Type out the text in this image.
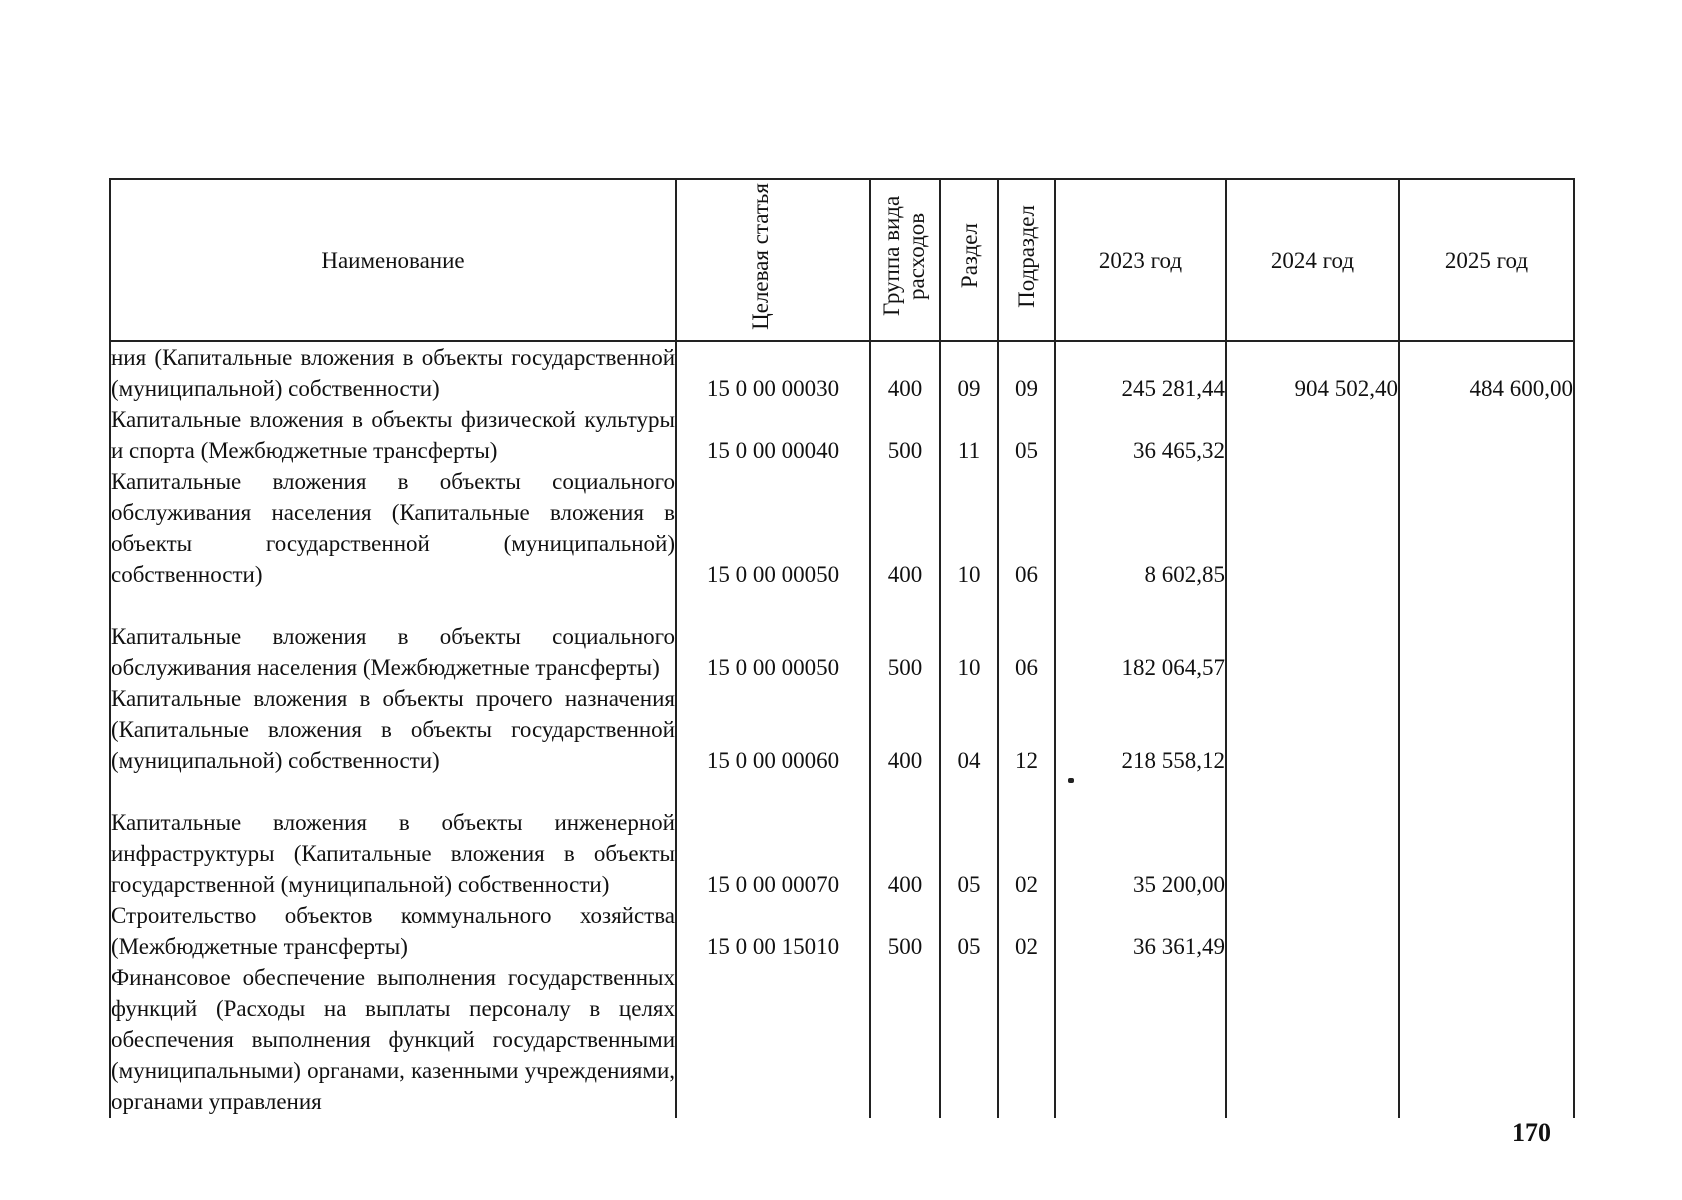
Наименование	Целевая статья	Группа вида расходов	Раздел	Подраздел	2023 год	2024 год	2025 год
ния (Капитальные вложения в объекты государственной (муниципальной) собственности)	15 0 00 00030	400	09	09	245 281,44	904 502,40	484 600,00
Капитальные вложения в объекты физической культуры и спорта (Межбюджетные трансферты)	15 0 00 00040	500	11	05	36 465,32		
Капитальные вложения в объекты социального обслуживания населения (Капитальные вложения в объекты государственной (муниципальной) собственности)	15 0 00 00050	400	10	06	8 602,85		
Капитальные вложения в объекты социального обслуживания населения (Межбюджетные трансферты)	15 0 00 00050	500	10	06	182 064,57		
Капитальные вложения в объекты прочего назначения (Капитальные вложения в объекты государственной (муниципальной) собственности)	15 0 00 00060	400	04	12	218 558,12		
Капитальные вложения в объекты инженерной инфраструктуры (Капитальные вложения в объекты государственной (муниципальной) собственности)	15 0 00 00070	400	05	02	35 200,00		
Строительство объектов коммунального хозяйства (Межбюджетные трансферты)	15 0 00 15010	500	05	02	36 361,49		
Финансовое обеспечение выполнения государственных функций (Расходы на выплаты персоналу в целях обеспечения выполнения функций государственными (муниципальными) органами, казенными учреждениями, органами управления							
170
